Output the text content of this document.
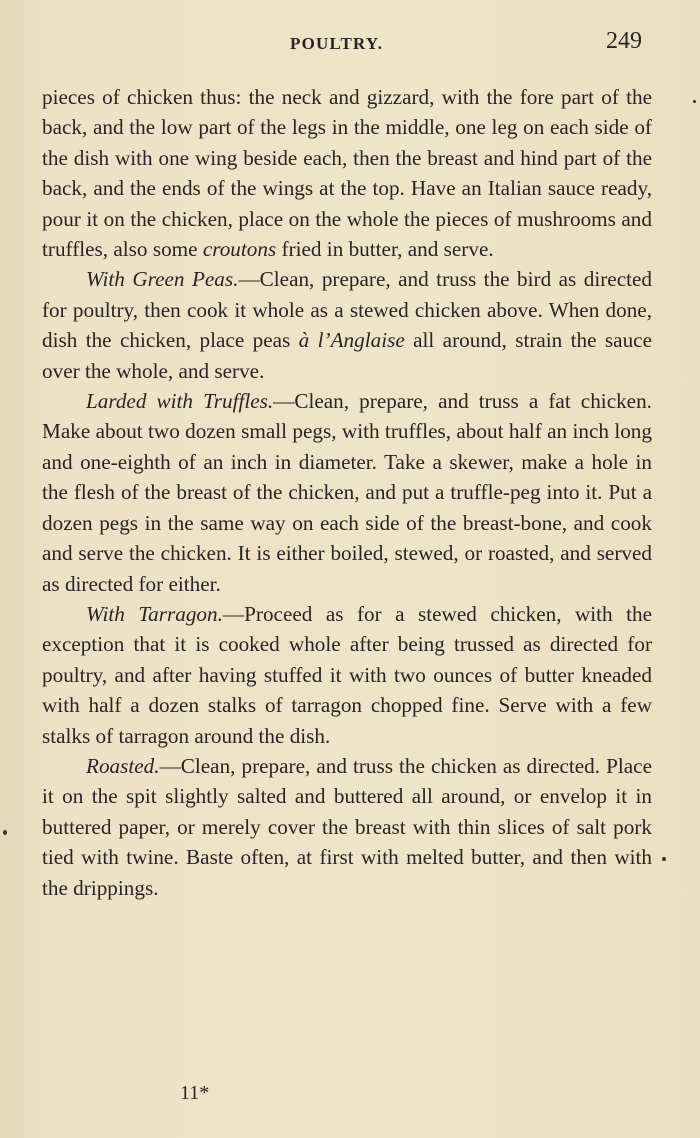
POULTRY.	249

pieces of chicken thus: the neck and gizzard, with the fore part of the back, and the low part of the legs in the middle, one leg on each side of the dish with one wing beside each, then the breast and hind part of the back, and the ends of the wings at the top. Have an Italian sauce ready, pour it on the chicken, place on the whole the pieces of mushrooms and truffles, also some croutons fried in butter, and serve.

With Green Peas.—Clean, prepare, and truss the bird as directed for poultry, then cook it whole as a stewed chicken above. When done, dish the chicken, place peas à l’Anglaise all around, strain the sauce over the whole, and serve.

Larded with Truffles.—Clean, prepare, and truss a fat chicken. Make about two dozen small pegs, with truffles, about half an inch long and one-eighth of an inch in diameter. Take a skewer, make a hole in the flesh of the breast of the chicken, and put a truffle-peg into it. Put a dozen pegs in the same way on each side of the breast-bone, and cook and serve the chicken. It is either boiled, stewed, or roasted, and served as directed for either.

With Tarragon.—Proceed as for a stewed chicken, with the exception that it is cooked whole after being trussed as directed for poultry, and after having stuffed it with two ounces of butter kneaded with half a dozen stalks of tarragon chopped fine. Serve with a few stalks of tarragon around the dish.

Roasted.—Clean, prepare, and truss the chicken as directed. Place it on the spit slightly salted and buttered all around, or envelop it in buttered paper, or merely cover the breast with thin slices of salt pork tied with twine. Baste often, at first with melted butter, and then with the drippings.

11*
